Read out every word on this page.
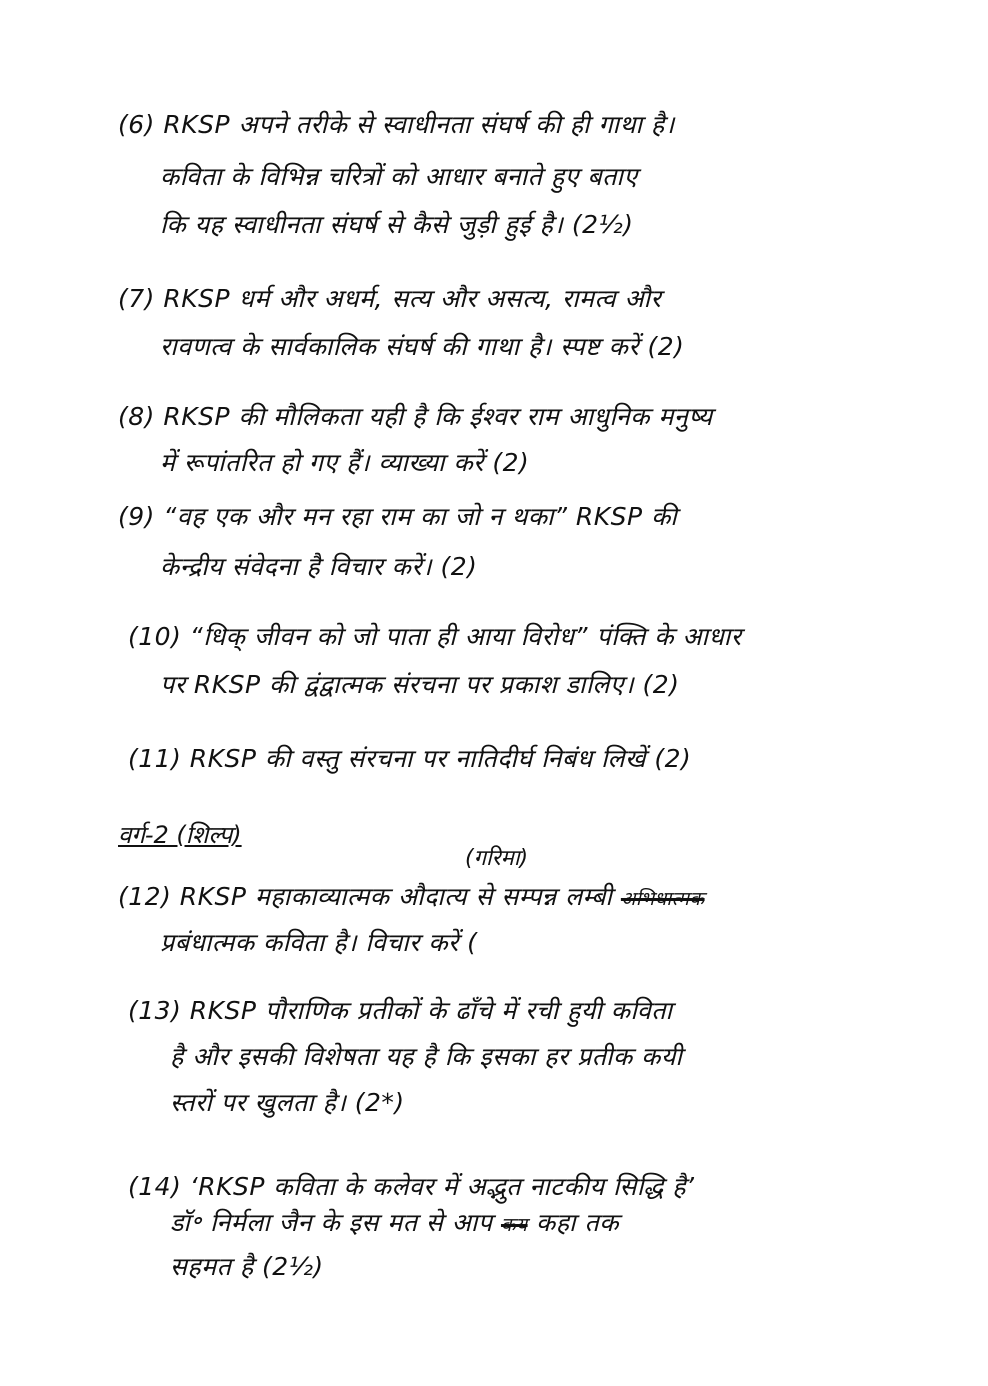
(6) RKSP अपने तरीके से स्वाधीनता संघर्ष की ही गाथा है।
कविता के विभिन्न चरित्रों को आधार बनाते हुए बताए
कि यह स्वाधीनता संघर्ष से कैसे जुड़ी हुई है। (2½)
(7) RKSP धर्म और अधर्म, सत्य और असत्य, रामत्व और
रावणत्व के सार्वकालिक संघर्ष की गाथा है। स्पष्ट करें (2)
(8) RKSP की मौलिकता यही है कि ईश्वर राम आधुनिक मनुष्य
में रूपांतरित हो गए हैं। व्याख्या करें (2)
(9) “वह एक और मन रहा राम का जो न थका” RKSP की
केन्द्रीय संवेदना है विचार करें। (2)
(10) “धिक् जीवन को जो पाता ही आया विरोध” पंक्ति के आधार
पर RKSP की द्वंद्वात्मक संरचना पर प्रकाश डालिए। (2)
(11) RKSP की वस्तु संरचना पर नातिदीर्घ निबंध लिखें (2)
वर्ग-2 (शिल्प)
(गरिमा)
(12) RKSP महाकाव्यात्मक औदात्य से सम्पन्न लम्बी अभिधात्मक
प्रबंधात्मक कविता है। विचार करें (
(13) RKSP पौराणिक प्रतीकों के ढाँचे में रची हुयी कविता
है और इसकी विशेषता यह है कि इसका हर प्रतीक कयी
स्तरों पर खुलता है। (2*)
(14) ‘RKSP कविता के कलेवर में अद्भुत नाटकीय सिद्धि है’
डॉ॰ निर्मला जैन के इस मत से आप कय कहा तक
सहमत है (2½)
